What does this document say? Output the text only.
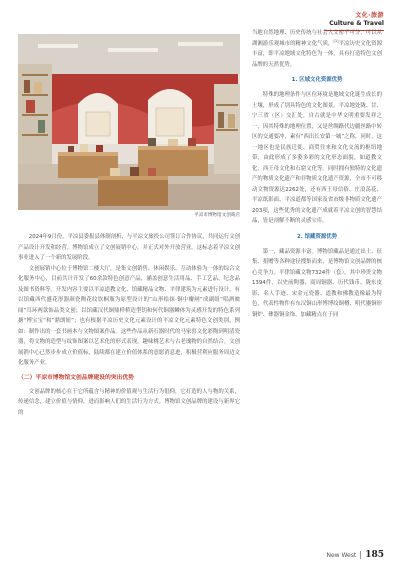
文化·旅游
Culture & Travel
平凉市博物馆文创商店

2024年9月份，平凉县委报县体制剖析，与平凉文旅投公司签订合作协议，共同运行文创产品设计开发和经营。博物馆成立了文创展销中心，并正式对外开放营业。这标志着平凉文创事业进入了一个新的发展阶段。

文创展销中心位于博物馆二楼大厅，是集文创销售、休闲娱乐、互动体验为一体的综合文化服务中心，目前共计开发了60余款特色创意产品，涵盖创意生活用品、手工艺品、纪念品及图书资料等。开发内容主要以平凉道教文化、馆藏精品文物、平律建筑为元素进行设计，有以馆藏西代盛花形器颜瓷陶花纹饮桐瓶为原型设计的“山形绘抹·铜中瓣闸”成副组“唱酒映闻”耳环两款饰品类文创；以馆藏汉代铜鼎样桥造型钥和何代铜器鳞体为灵感开发的特色系列搪“博宝宝”和“鼎朗妞”；也有根据平凉历史文化元素设计的平凉文化元素特色文创类别，例如：制作出的一套书画本与文物图案作品。这些作品从新石器时代的马家窑文化彩陶到明清瓷器，将文物的造型与纹饰图案以艺术化的形式表现，趣味桃艺术与古老瑰物的自然结合。文创展销中心已然步步成立价值标，陆续都在建立价值体系的意愿消息进，积极营利应服务周边文化服务产业。

（二）平凉市博物馆文创品牌建设的突出优势

文创品牌的核心在于它所蕴含与精神的价值观与生活行为倡仰，它打造的人与物的关系，传递信念，建立价值与情仰，进而影响人们的生活行为方式。博物馆文创品牌的建设与新界它的

当地自然地理、历史传统与社会人文密不可分，可以从湖湘游乐观城市的精神文化气质，[1]平凉历史文化资源丰富，即平凉地域文化特色为一体，具有打造特色文创品牌的天然优势。

1. 区域文化资源优势

特殊的地理条件与区位环境是地域文化诞生成长的土壤，形成了别具特色的文化图景。平凉地处陇、甘、宁三省（区）交汇处，自古就是中华文明重要发祥之一，因其特殊的地理位置，又是丝绸路代边疆丝路中转区的交通要冲，素有“西出长安第一城”之称，同时，这一地区也是民族迁徙、商贸往来和文化交流的枢纽地带，由此形成了多姿多彩的文化形态面貌，如道教文化，西王母文化和石窟文化等。同时拥有独特的文化遗产的物质文化遗产和非物质文化遗产资源，全市不可移动文物资源达2262处，还有西王母信俗、庄浪荡花、平凉纸影面、平凉道都等国家及省市级非物质文化遗产203项，这些优秀的文化遗产成就着平凉文创的智慧结晶，皆是剖解不断的灵感宝库。

2. 馆藏资源优势

第一，藏品资源丰富。博物馆藏品是通过出土、征集、捐赠等各种途径搜集而来，是博物馆文创品牌的核心竞争力。平律馆藏文物7324件（套），其中珍贵文物1394件，以史前陶器、商周铜器、历代钱币、陇东皮影、名人手迹、宋金元瓷器、道教和佛教造像最为特色，代表性物件有东汉铜山形博博纹铜樽、明代鎏铜形铜炉、彝器铜金饰，加藏精点在于同

New West 185
